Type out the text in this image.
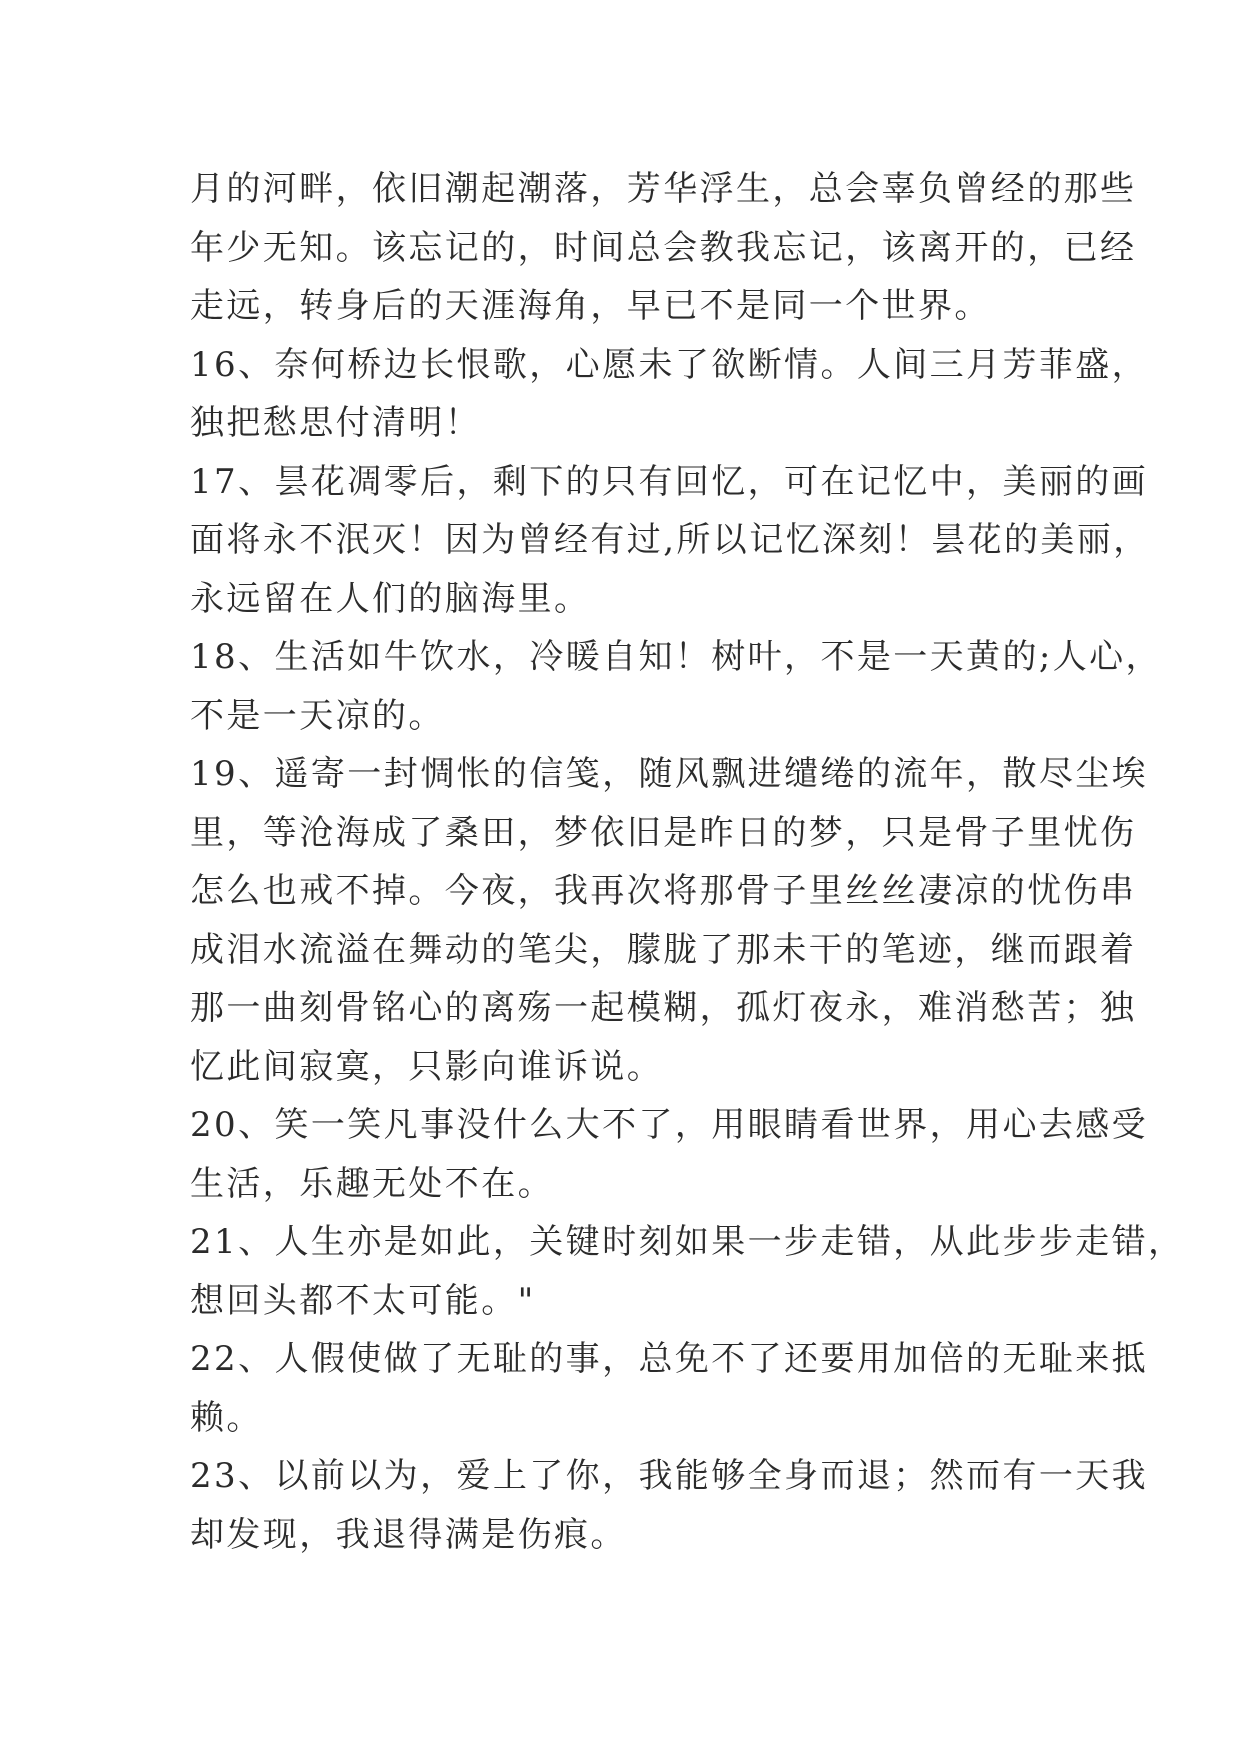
月的河畔，依旧潮起潮落，芳华浮生，总会辜负曾经的那些
年少无知。该忘记的，时间总会教我忘记，该离开的，已经
走远，转身后的天涯海角，早已不是同一个世界。
16、奈何桥边长恨歌，心愿未了欲断情。人间三月芳菲盛，
独把愁思付清明！
17、昙花凋零后，剩下的只有回忆，可在记忆中，美丽的画
面将永不泯灭！因为曾经有过,所以记忆深刻！昙花的美丽，
永远留在人们的脑海里。
18、生活如牛饮水，冷暖自知！树叶，不是一天黄的;人心，
不是一天凉的。
19、遥寄一封惆怅的信笺，随风飘进缱绻的流年，散尽尘埃
里，等沧海成了桑田，梦依旧是昨日的梦，只是骨子里忧伤
怎么也戒不掉。今夜，我再次将那骨子里丝丝凄凉的忧伤串
成泪水流溢在舞动的笔尖，朦胧了那未干的笔迹，继而跟着
那一曲刻骨铭心的离殇一起模糊，孤灯夜永，难消愁苦；独
忆此间寂寞，只影向谁诉说。
20、笑一笑凡事没什么大不了，用眼睛看世界，用心去感受
生活，乐趣无处不在。
21、人生亦是如此，关键时刻如果一步走错，从此步步走错，
想回头都不太可能。"
22、人假使做了无耻的事，总免不了还要用加倍的无耻来抵
赖。
23、以前以为，爱上了你，我能够全身而退；然而有一天我
却发现，我退得满是伤痕。
